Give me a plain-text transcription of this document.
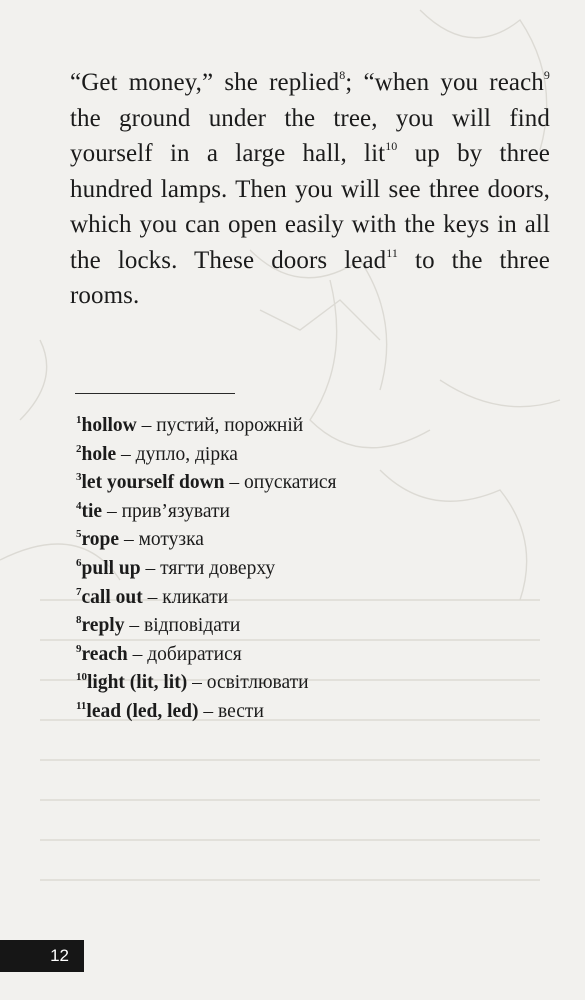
“Get money,” she replied$^8$; “when you reach$^9$ the ground under the tree, you will find yourself in a large hall, lit$^{10}$ up by three hundred lamps. Then you will see three doors, which you can open easily with the keys in all the locks. These doors lead$^{11}$ to the three rooms.

$^1$hollow – пустий, порожній
$^2$hole – дупло, дірка
$^3$let yourself down – опускатися
$^4$tie – прив’язувати
$^5$rope – мотузка
$^6$pull up – тягти доверху
$^7$call out – кликати
$^8$reply – відповідати
$^9$reach – добиратися
$^{10}$light (lit, lit) – освітлювати
$^{11}$lead (led, led) – вести
12
